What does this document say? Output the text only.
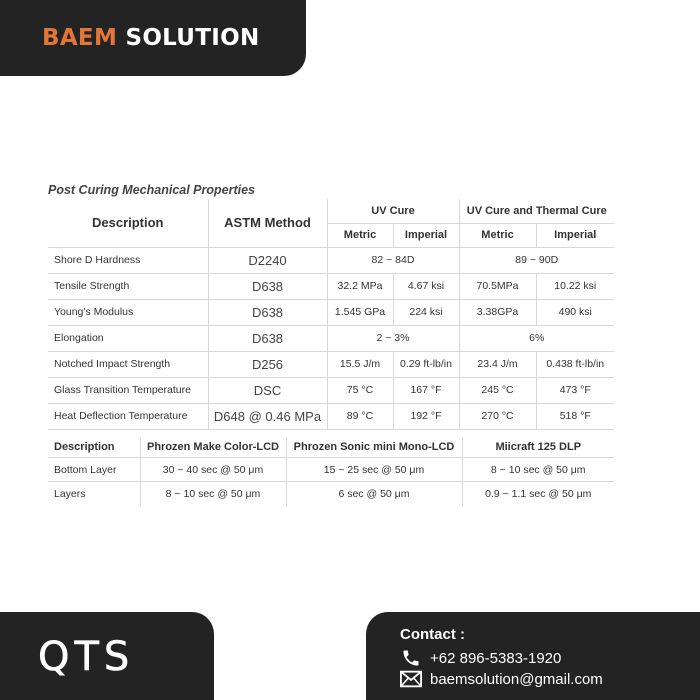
BAEM SOLUTION
Post Curing Mechanical Properties
Description	ASTM Method	UV Cure		UV Cure and Thermal Cure	
		Metric	Imperial	Metric	Imperial
Shore D Hardness	D2240	82 ~ 84D		89 ~ 90D	
Tensile Strength	D638	32.2 MPa	4.67 ksi	70.5MPa	10.22 ksi
Young's Modulus	D638	1.545 GPa	224 ksi	3.38GPa	490 ksi
Elongation	D638	2 ~ 3%		6%	
Notched Impact Strength	D256	15.5 J/m	0.29 ft-lb/in	23.4 J/m	0.438 ft-lb/in
Glass Transition Temperature	DSC	75 °C	167 °F	245 °C	473 °F
Heat Deflection Temperature	D648 @ 0.46 MPa	89 °C	192 °F	270 °C	518 °F
Description	Phrozen Make Color-LCD	Phrozen Sonic mini Mono-LCD	Miicraft 125 DLP
Bottom Layer	30 ~ 40 sec @ 50 μm	15 ~ 25 sec @ 50 μm	8 ~ 10 sec @ 50 μm
Layers	8 ~ 10 sec @ 50 μm	6 sec @ 50 μm	0.9 ~ 1.1 sec @ 50 μm
QTS	Contact :
+62 896-5383-1920
baemsolution@gmail.com
